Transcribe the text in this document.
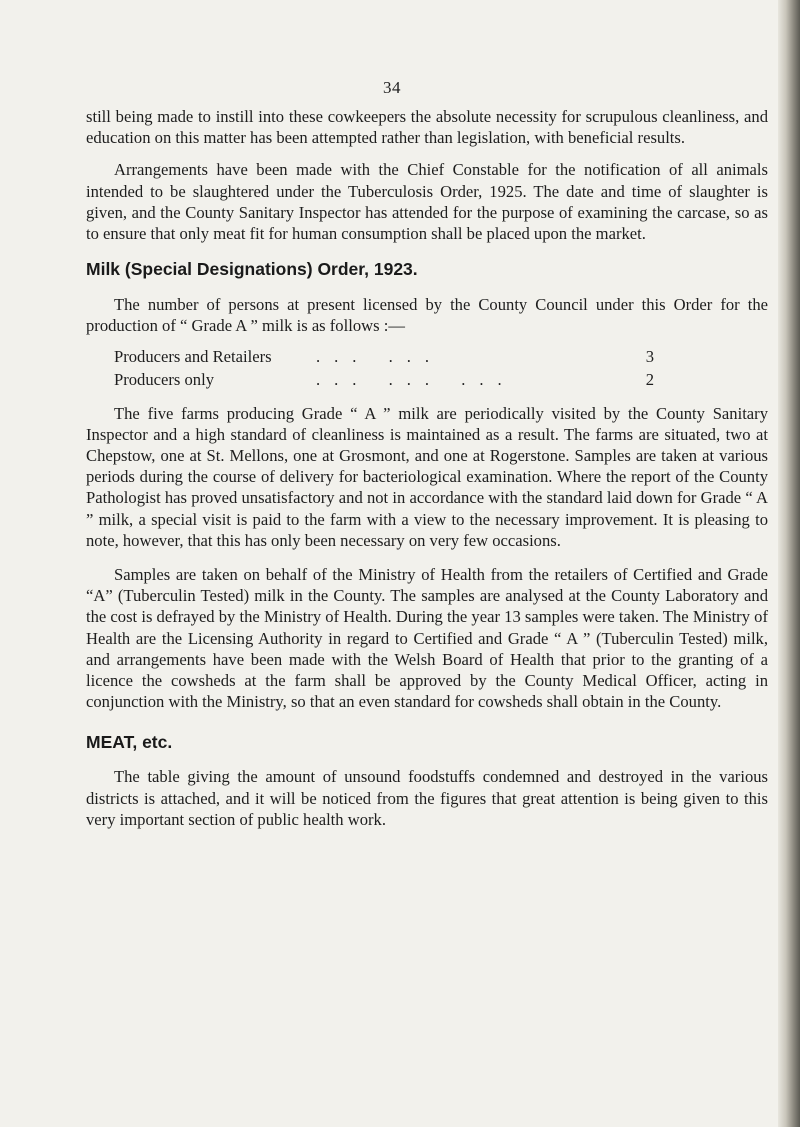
34

still being made to instill into these cowkeepers the absolute necessity for scrupulous cleanliness, and education on this matter has been attempted rather than legislation, with beneficial results.

Arrangements have been made with the Chief Constable for the notification of all animals intended to be slaughtered under the Tuberculosis Order, 1925. The date and time of slaughter is given, and the County Sanitary Inspector has attended for the purpose of examining the carcase, so as to ensure that only meat fit for human consumption shall be placed upon the market.

Milk (Special Designations) Order, 1923.

The number of persons at present licensed by the County Council under this Order for the production of “ Grade A ” milk is as follows :—

Producers and Retailers	... ...	3
Producers only	... ... ...	2

The five farms producing Grade “ A ” milk are periodically visited by the County Sanitary Inspector and a high standard of cleanliness is maintained as a result. The farms are situated, two at Chepstow, one at St. Mellons, one at Grosmont, and one at Rogerstone. Samples are taken at various periods during the course of delivery for bacteriological examination. Where the report of the County Pathologist has proved unsatisfactory and not in accordance with the standard laid down for Grade “ A ” milk, a special visit is paid to the farm with a view to the necessary improvement. It is pleasing to note, however, that this has only been necessary on very few occasions.

Samples are taken on behalf of the Ministry of Health from the retailers of Certified and Grade “A” (Tuberculin Tested) milk in the County. The samples are analysed at the County Laboratory and the cost is defrayed by the Ministry of Health. During the year 13 samples were taken. The Ministry of Health are the Licensing Authority in regard to Certified and Grade “ A ” (Tuberculin Tested) milk, and arrangements have been made with the Welsh Board of Health that prior to the granting of a licence the cowsheds at the farm shall be approved by the County Medical Officer, acting in conjunction with the Ministry, so that an even standard for cowsheds shall obtain in the County.

MEAT, etc.

The table giving the amount of unsound foodstuffs condemned and destroyed in the various districts is attached, and it will be noticed from the figures that great attention is being given to this very important section of public health work.
